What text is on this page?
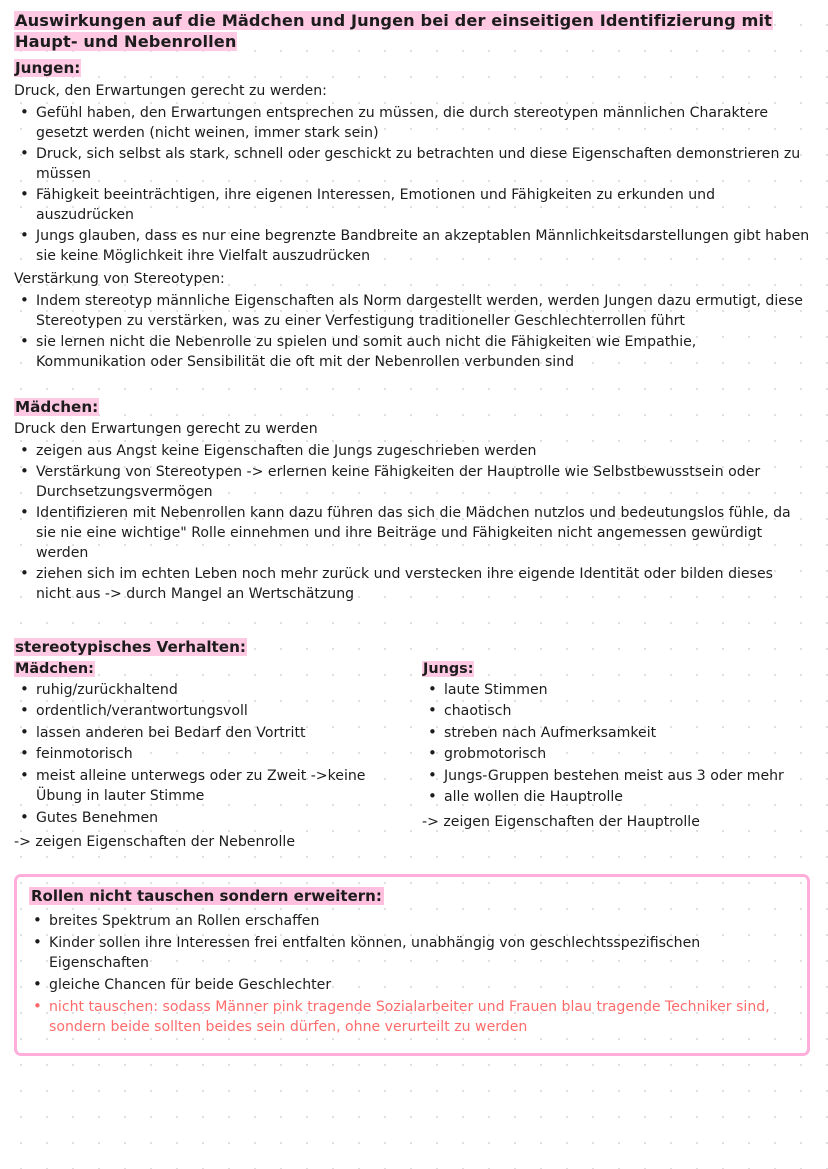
Auswirkungen auf die Mädchen und Jungen bei der einseitigen Identifizierung mit Haupt- und Nebenrollen
Jungen:

Druck, den Erwartungen gerecht zu werden:

• Gefühl haben, den Erwartungen entsprechen zu müssen, die durch stereotypen männlichen Charaktere gesetzt werden (nicht weinen, immer stark sein)
• Druck, sich selbst als stark, schnell oder geschickt zu betrachten und diese Eigenschaften demonstrieren zu müssen
• Fähigkeit beeinträchtigen, ihre eigenen Interessen, Emotionen und Fähigkeiten zu erkunden und auszudrücken
• Jungs glauben, dass es nur eine begrenzte Bandbreite an akzeptablen Männlichkeitsdarstellungen gibt haben sie keine Möglichkeit ihre Vielfalt auszudrücken

Verstärkung von Stereotypen:

• Indem stereotyp männliche Eigenschaften als Norm dargestellt werden, werden Jungen dazu ermutigt, diese Stereotypen zu verstärken, was zu einer Verfestigung traditioneller Geschlechterrollen führt
• sie lernen nicht die Nebenrolle zu spielen und somit auch nicht die Fähigkeiten wie Empathie, Kommunikation oder Sensibilität die oft mit der Nebenrollen verbunden sind
Mädchen:

Druck den Erwartungen gerecht zu werden

• zeigen aus Angst keine Eigenschaften die Jungs zugeschrieben werden
• Verstärkung von Stereotypen -> erlernen keine Fähigkeiten der Hauptrolle wie Selbstbewusstsein oder Durchsetzungsvermögen
• Identifizieren mit Nebenrollen kann dazu führen das sich die Mädchen nutzlos und bedeutungslos fühle, da sie nie eine wichtige" Rolle einnehmen und ihre Beiträge und Fähigkeiten nicht angemessen gewürdigt werden
• ziehen sich im echten Leben noch mehr zurück und verstecken ihre eigende Identität oder bilden dieses nicht aus -> durch Mangel an Wertschätzung
stereotypisches Verhalten:
Mädchen:
• ruhig/zurückhaltend
• ordentlich/verantwortungsvoll
• lassen anderen bei Bedarf den Vortritt
• feinmotorisch
• meist alleine unterwegs oder zu Zweit ->keine Übung in lauter Stimme
• Gutes Benehmen

-> zeigen Eigenschaften der Nebenrolle

Jungs:
• laute Stimmen
• chaotisch
• streben nach Aufmerksamkeit
• grobmotorisch
• Jungs-Gruppen bestehen meist aus 3 oder mehr
• alle wollen die Hauptrolle

-> zeigen Eigenschaften der Hauptrolle

Rollen nicht tauschen sondern erweitern:
• breites Spektrum an Rollen erschaffen
• Kinder sollen ihre Interessen frei entfalten können, unabhängig von geschlechtsspezifischen Eigenschaften
• gleiche Chancen für beide Geschlechter
• nicht tauschen: sodass Männer pink tragende Sozialarbeiter und Frauen blau tragende Techniker sind, sondern beide sollten beides sein dürfen, ohne verurteilt zu werden
